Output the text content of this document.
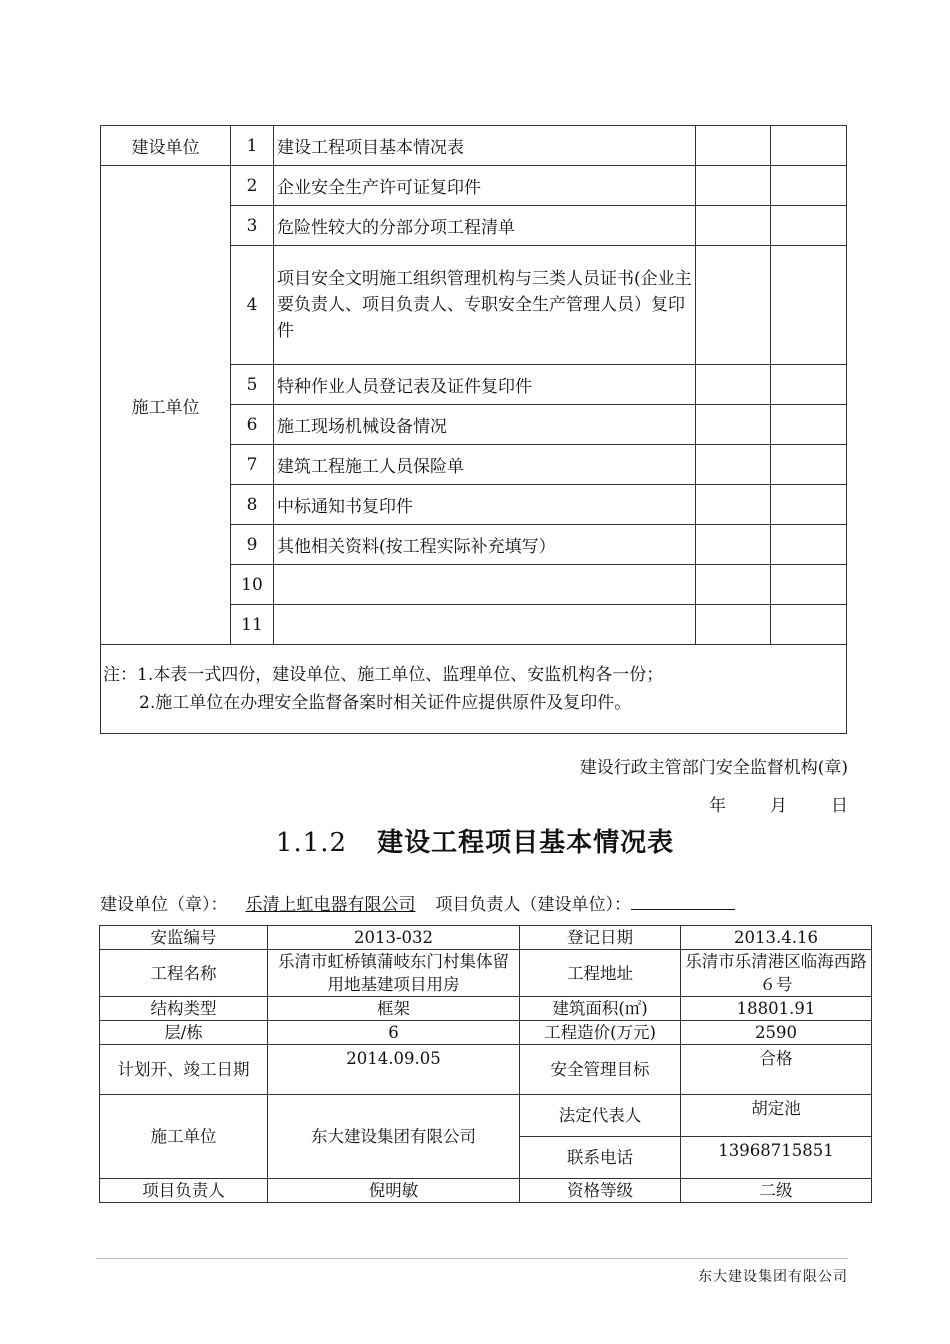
建设单位	1	建设工程项目基本情况表		
施工单位	2	企业安全生产许可证复印件		
	3	危险性较大的分部分项工程清单		
	4	项目安全文明施工组织管理机构与三类人员证书(企业主要负责人、项目负责人、专职安全生产管理人员）复印件		
	5	特种作业人员登记表及证件复印件		
	6	施工现场机械设备情况		
	7	建筑工程施工人员保险单		
	8	中标通知书复印件		
	9	其他相关资料(按工程实际补充填写）		
	10			
	11			

注：1.本表一式四份，建设单位、施工单位、监理单位、安监机构各一份；
2.施工单位在办理安全监督备案时相关证件应提供原件及复印件。				
建设行政主管部门安全监督机构(章)
年	月	日
1.1.2 建设工程项目基本情况表
建设单位（章）： 乐清上虹电器有限公司 项目负责人（建设单位）：
安监编号	2013-032	登记日期	2013.4.16
工程名称	乐清市虹桥镇蒲岐东门村集体留用地基建项目用房	工程地址	乐清市乐清港区临海西路６号
结构类型	框架	建筑面积(㎡)	18801.91
层/栋	6	工程造价(万元)	2590
计划开、竣工日期	2014.09.05	安全管理目标	合格
施工单位	东大建设集团有限公司	法定代表人	胡定池
		联系电话	13968715851
项目负责人	倪明敏	资格等级	二级
东大建设集团有限公司
